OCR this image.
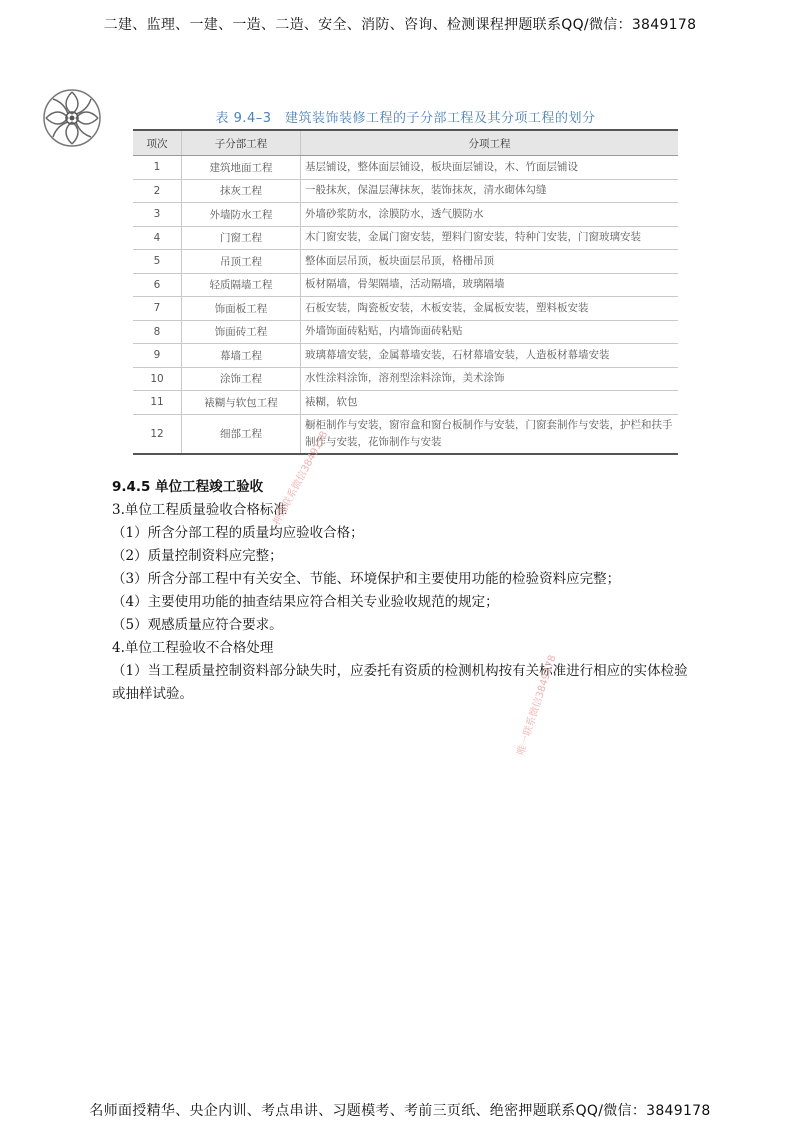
二建、监理、一建、一造、二造、安全、消防、咨询、检测课程押题联系QQ/微信：3849178
表 9.4–3　建筑装饰装修工程的子分部工程及其分项工程的划分
项次	子分部工程	分项工程
1	建筑地面工程	基层铺设，整体面层铺设，板块面层铺设，木、竹面层铺设
2	抹灰工程	一般抹灰，保温层薄抹灰，装饰抹灰，清水砌体勾缝
3	外墙防水工程	外墙砂浆防水，涂膜防水，透气膜防水
4	门窗工程	木门窗安装，金属门窗安装，塑料门窗安装，特种门安装，门窗玻璃安装
5	吊顶工程	整体面层吊顶，板块面层吊顶，格栅吊顶
6	轻质隔墙工程	板材隔墙，骨架隔墙，活动隔墙，玻璃隔墙
7	饰面板工程	石板安装，陶瓷板安装，木板安装，金属板安装，塑料板安装
8	饰面砖工程	外墙饰面砖粘贴，内墙饰面砖粘贴
9	幕墙工程	玻璃幕墙安装，金属幕墙安装，石材幕墙安装，人造板材幕墙安装
10	涂饰工程	水性涂料涂饰，溶剂型涂料涂饰，美术涂饰
11	裱糊与软包工程	裱糊，软包
12	细部工程	橱柜制作与安装，窗帘盒和窗台板制作与安装，门窗套制作与安装，护栏和扶手制作与安装，花饰制作与安装

9.4.5 单位工程竣工验收

3.单位工程质量验收合格标准

（1）所含分部工程的质量均应验收合格；

（2）质量控制资料应完整；

（3）所含分部工程中有关安全、节能、环境保护和主要使用功能的检验资料应完整；

（4）主要使用功能的抽查结果应符合相关专业验收规范的规定；

（5）观感质量应符合要求。

4.单位工程验收不合格处理

（1）当工程质量控制资料部分缺失时，应委托有资质的检测机构按有关标准进行相应的实体检验或抽样试验。

押题联系微信3849178
唯一联系微信3849178
名师面授精华、央企内训、考点串讲、习题模考、考前三页纸、绝密押题联系QQ/微信：3849178
